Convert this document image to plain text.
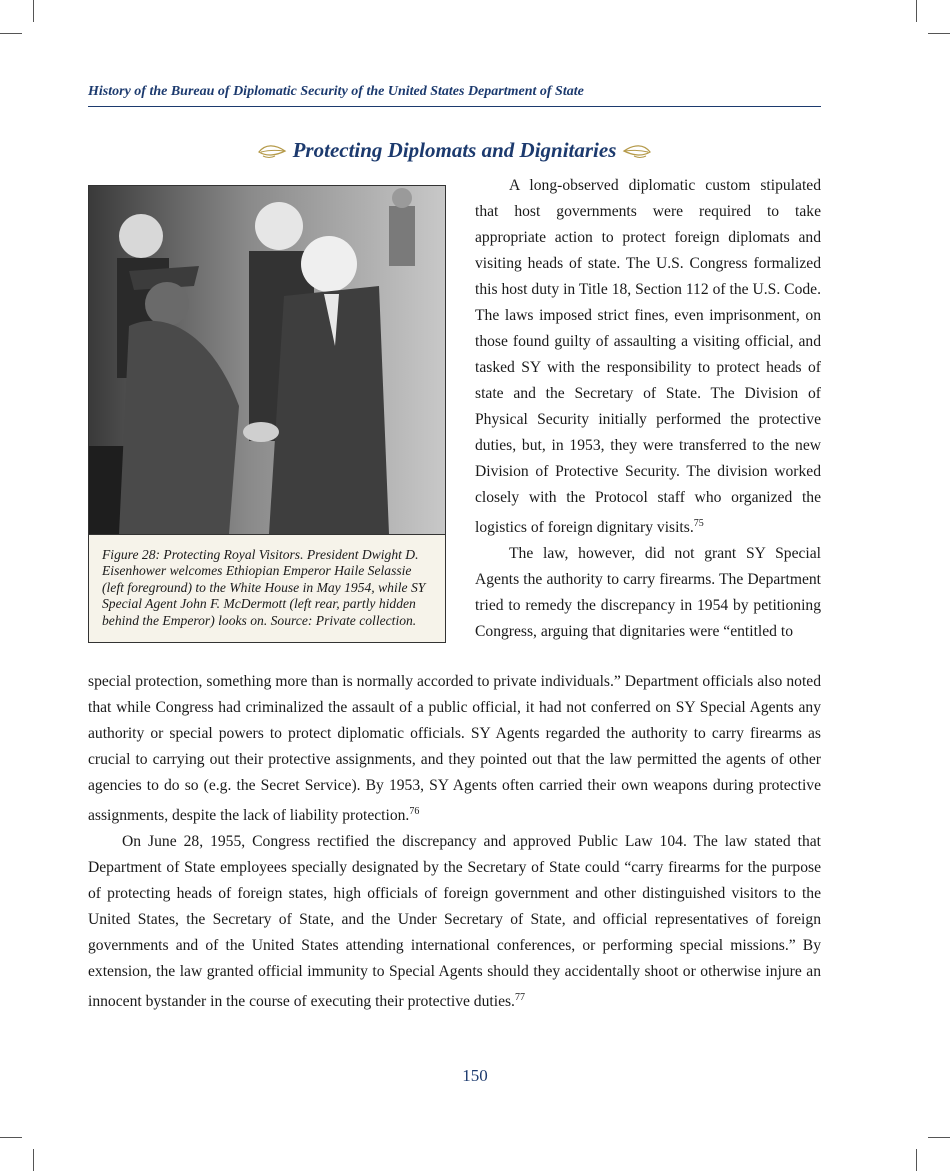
History of the Bureau of Diplomatic Security of the United States Department of State
Protecting Diplomats and Dignitaries
Figure 28: Protecting Royal Visitors. President Dwight D. Eisenhower welcomes Ethiopian Emperor Haile Selassie (left foreground) to the White House in May 1954, while SY Special Agent John F. McDermott (left rear, partly hidden behind the Emperor) looks on. Source: Private collection.

A long-observed diplomatic custom stipulated that host governments were required to take appropriate action to protect foreign diplomats and visiting heads of state. The U.S. Congress formalized this host duty in Title 18, Section 112 of the U.S. Code. The laws imposed strict fines, even imprisonment, on those found guilty of assaulting a visiting official, and tasked SY with the responsibility to protect heads of state and the Secretary of State. The Division of Physical Security initially performed the protective duties, but, in 1953, they were transferred to the new Division of Protective Security. The division worked closely with the Protocol staff who organized the logistics of foreign dignitary visits.$^{75}$

The law, however, did not grant SY Special Agents the authority to carry firearms. The Department tried to remedy the discrepancy in 1954 by petitioning Congress, arguing that dignitaries were “entitled to

special protection, something more than is normally accorded to private individuals.” Department officials also noted that while Congress had criminalized the assault of a public official, it had not conferred on SY Special Agents any authority or special powers to protect diplomatic officials. SY Agents regarded the authority to carry firearms as crucial to carrying out their protective assignments, and they pointed out that the law permitted the agents of other agencies to do so (e.g. the Secret Service). By 1953, SY Agents often carried their own weapons during protective assignments, despite the lack of liability protection.$^{76}$

On June 28, 1955, Congress rectified the discrepancy and approved Public Law 104. The law stated that Department of State employees specially designated by the Secretary of State could “carry firearms for the purpose of protecting heads of foreign states, high officials of foreign government and other distinguished visitors to the United States, the Secretary of State, and the Under Secretary of State, and official representatives of foreign governments and of the United States attending international conferences, or performing special missions.” By extension, the law granted official immunity to Special Agents should they accidentally shoot or otherwise injure an innocent bystander in the course of executing their protective duties.$^{77}$

150
